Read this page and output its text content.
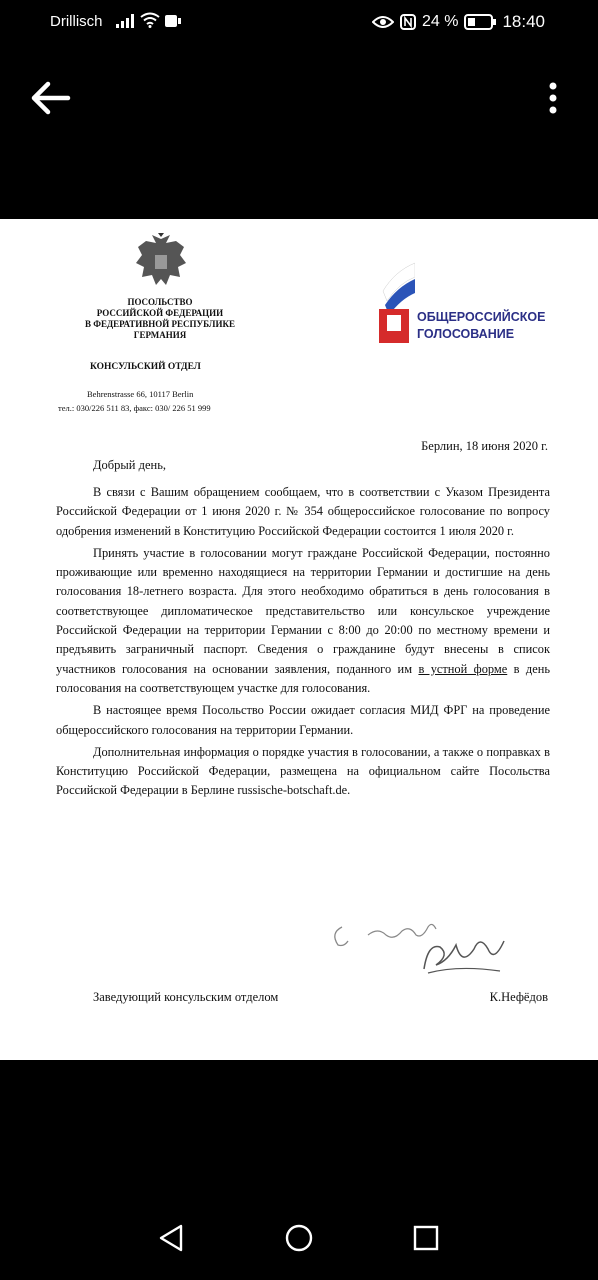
Drillisch	24 %	18:40
ПОСОЛЬСТВО
РОССИЙСКОЙ ФЕДЕРАЦИИ
В ФЕДЕРАТИВНОЙ РЕСПУБЛИКЕ
ГЕРМАНИЯ
КОНСУЛЬСКИЙ ОТДЕЛ
Behrenstrasse 66, 10117 Berlin
тел.: 030/226 511 83, факс: 030/ 226 51 999
ОБЩЕРОССИЙСКОЕ
ГОЛОСОВАНИЕ
Берлин, 18 июня 2020 г.
Добрый день,

В связи с Вашим обращением сообщаем, что в соответствии с Указом Президента Российской Федерации от 1 июня 2020 г. № 354 общероссийское голосование по вопросу одобрения изменений в Конституцию Российской Федерации состоится 1 июля 2020 г.

Принять участие в голосовании могут граждане Российской Федерации, постоянно проживающие или временно находящиеся на территории Германии и достигшие на день голосования 18-летнего возраста. Для этого необходимо обратиться в день голосования в соответствующее дипломатическое представительство или консульское учреждение Российской Федерации на территории Германии с 8:00 до 20:00 по местному времени и предъявить заграничный паспорт. Сведения о гражданине будут внесены в список участников голосования на основании заявления, поданного им в устной форме в день голосования на соответствующем участке для голосования.

В настоящее время Посольство России ожидает согласия МИД ФРГ на проведение общероссийского голосования на территории Германии.

Дополнительная информация о порядке участия в голосовании, а также о поправках в Конституцию Российской Федерации, размещена на официальном сайте Посольства Российской Федерации в Берлине russische-botschaft.de.

Заведующий консульским отделом	К.Нефёдов
